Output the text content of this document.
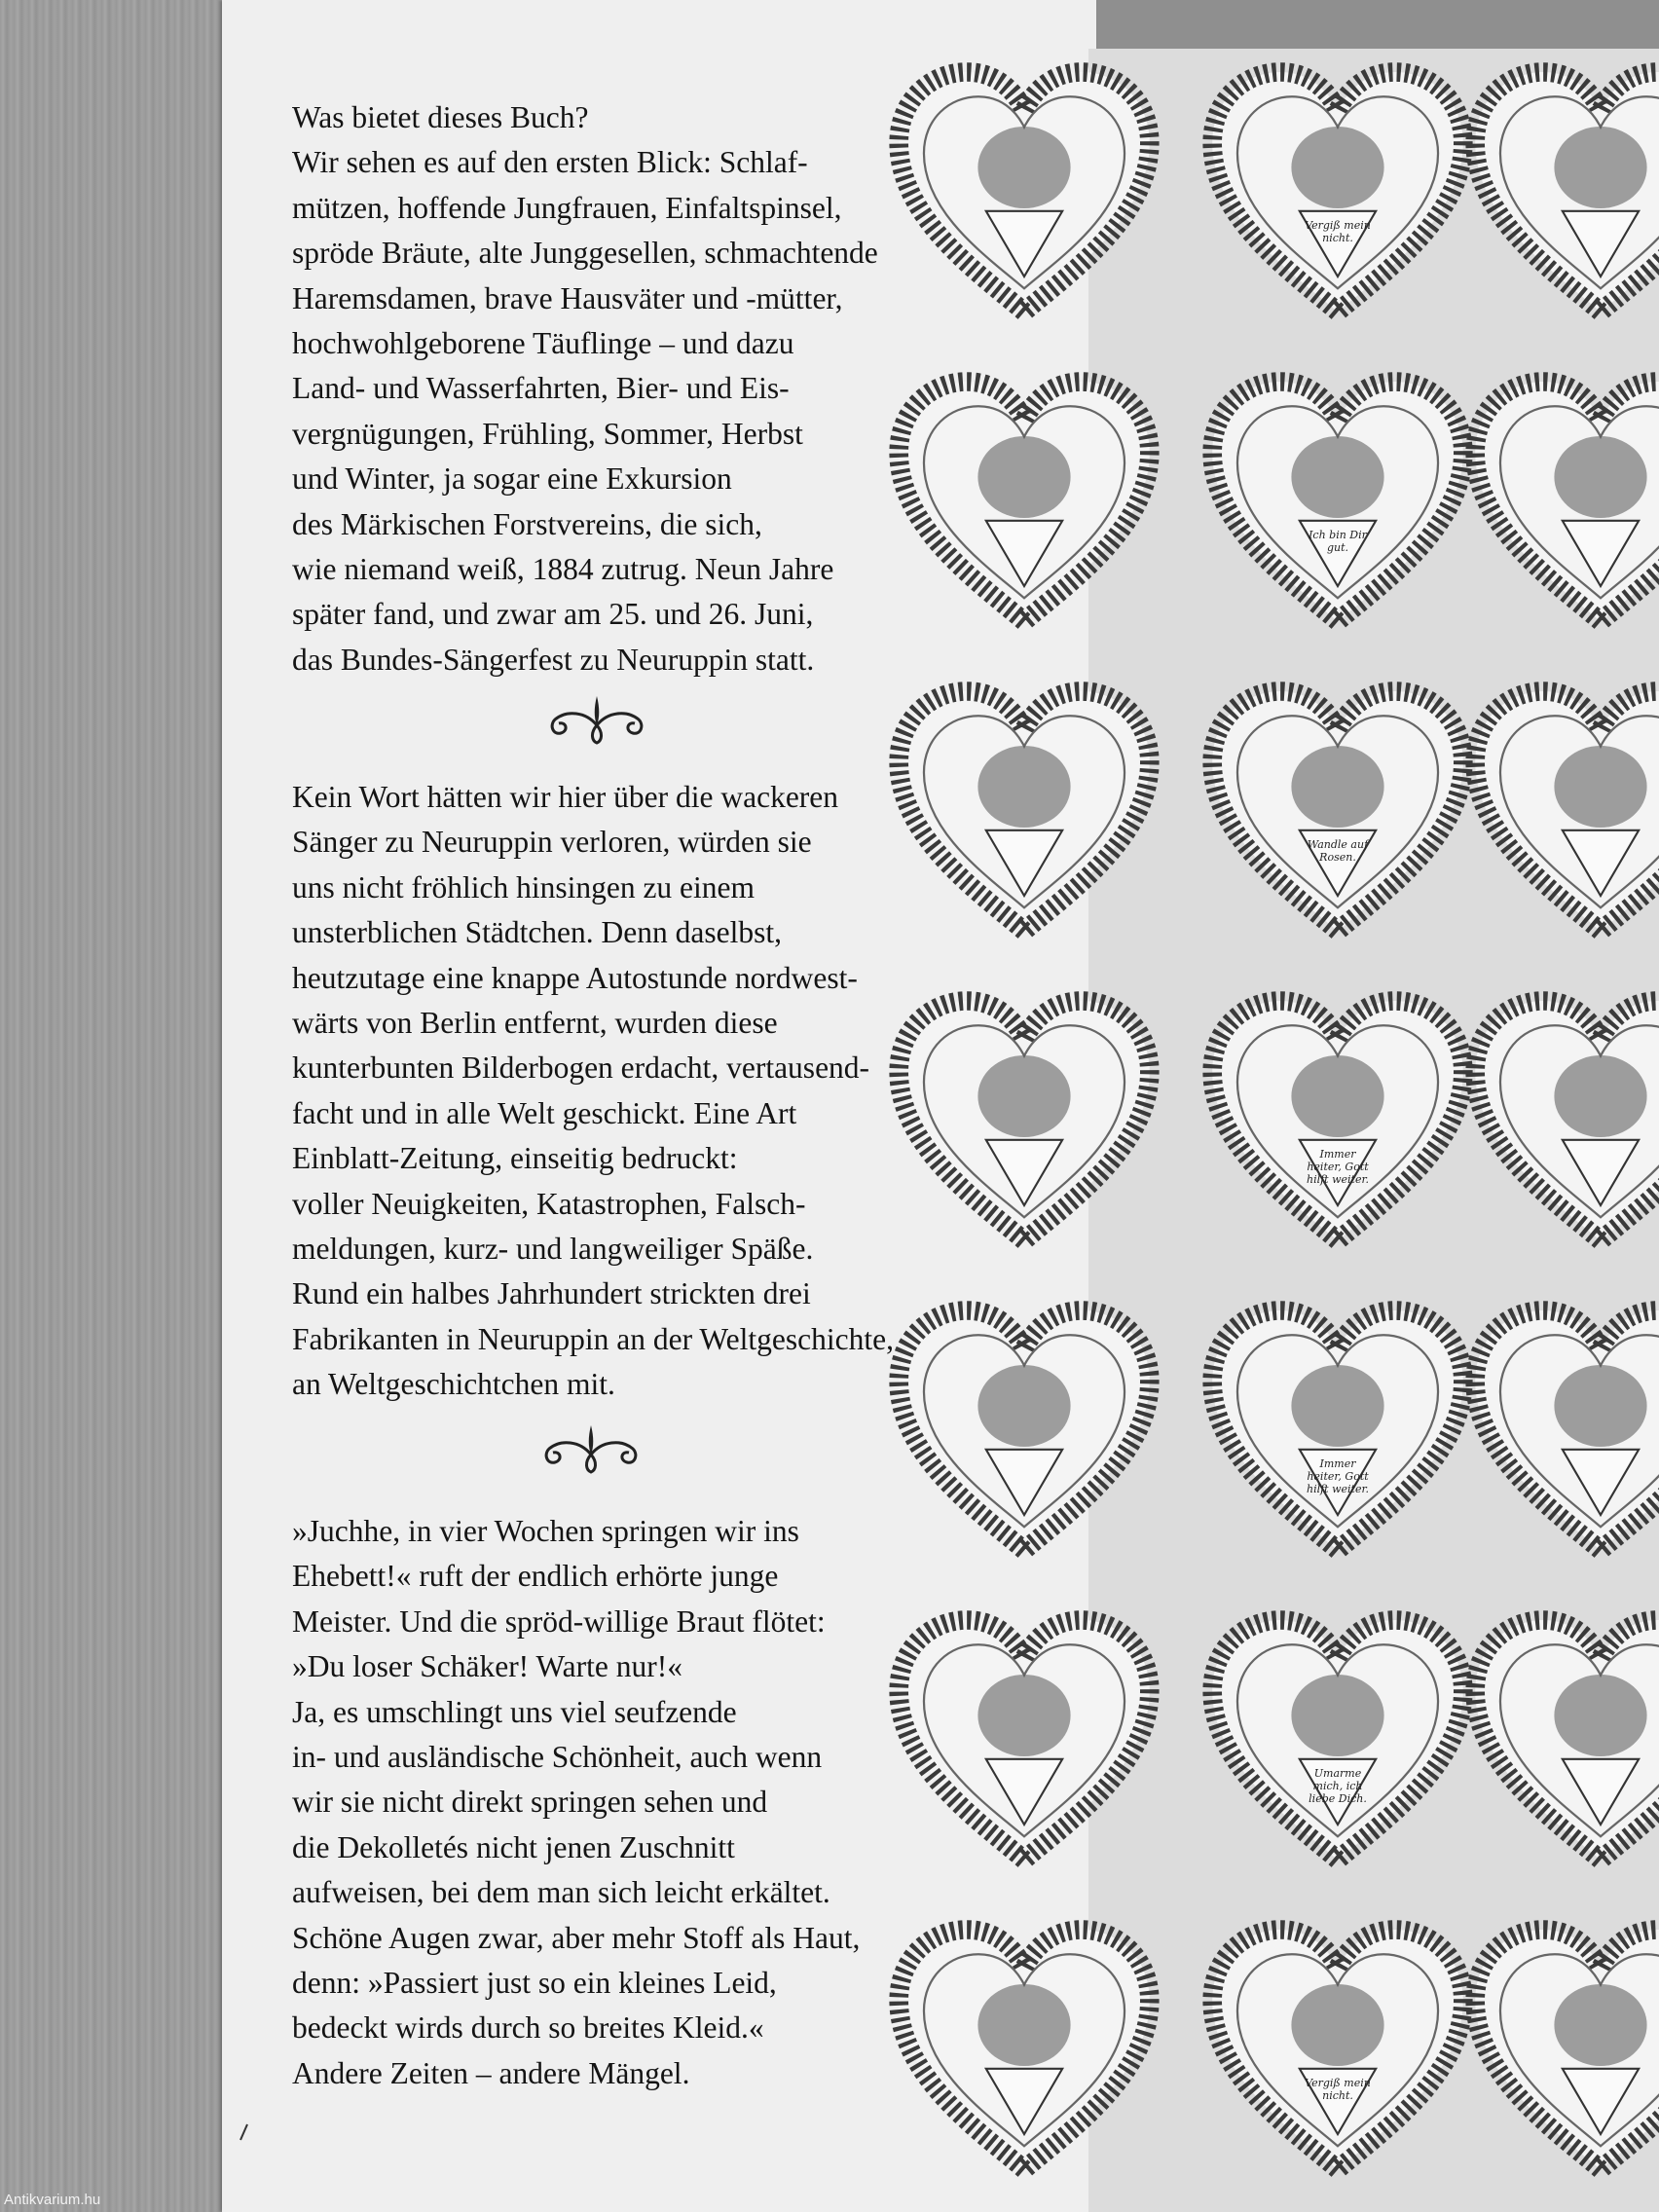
Was bietet dieses Buch?
Wir sehen es auf den ersten Blick: Schlaf-
mützen, hoffende Jungfrauen, Einfaltspinsel,
spröde Bräute, alte Junggesellen, schmachtende
Haremsdamen, brave Hausväter und -mütter,
hochwohlgeborene Täuflinge – und dazu
Land- und Wasserfahrten, Bier- und Eis-
vergnügungen, Frühling, Sommer, Herbst
und Winter, ja sogar eine Exkursion
des Märkischen Forstvereins, die sich,
wie niemand weiß, 1884 zutrug. Neun Jahre
später fand, und zwar am 25. und 26. Juni,
das Bundes-Sängerfest zu Neuruppin statt.
Kein Wort hätten wir hier über die wackeren
Sänger zu Neuruppin verloren, würden sie
uns nicht fröhlich hinsingen zu einem
unsterblichen Städtchen. Denn daselbst,
heutzutage eine knappe Autostunde nordwest-
wärts von Berlin entfernt, wurden diese
kunterbunten Bilderbogen erdacht, vertausend-
facht und in alle Welt geschickt. Eine Art
Einblatt-Zeitung, einseitig bedruckt:
voller Neuigkeiten, Katastrophen, Falsch-
meldungen, kurz- und langweiliger Späße.
Rund ein halbes Jahrhundert strickten drei
Fabrikanten in Neuruppin an der Weltgeschichte,
an Weltgeschichtchen mit.
»Juchhe, in vier Wochen springen wir ins
Ehebett!« ruft der endlich erhörte junge
Meister. Und die spröd-willige Braut flötet:
»Du loser Schäker! Warte nur!«
Ja, es umschlingt uns viel seufzende
in- und ausländische Schönheit, auch wenn
wir sie nicht direkt springen sehen und
die Dekolletés nicht jenen Zuschnitt
aufweisen, bei dem man sich leicht erkältet.
Schöne Augen zwar, aber mehr Stoff als Haut,
denn: »Passiert just so ein kleines Leid,
bedeckt wirds durch so breites Kleid.«
Andere Zeiten – andere Mängel.
Vergiß mein nicht.
Ich bin Dir gut.
Wandle auf Rosen.
Immer heiter, Gott hilft weiter.
Immer heiter, Gott hilft weiter.
Umarme mich, ich liebe Dich.
Vergiß mein nicht.
Antikvarium.hu
